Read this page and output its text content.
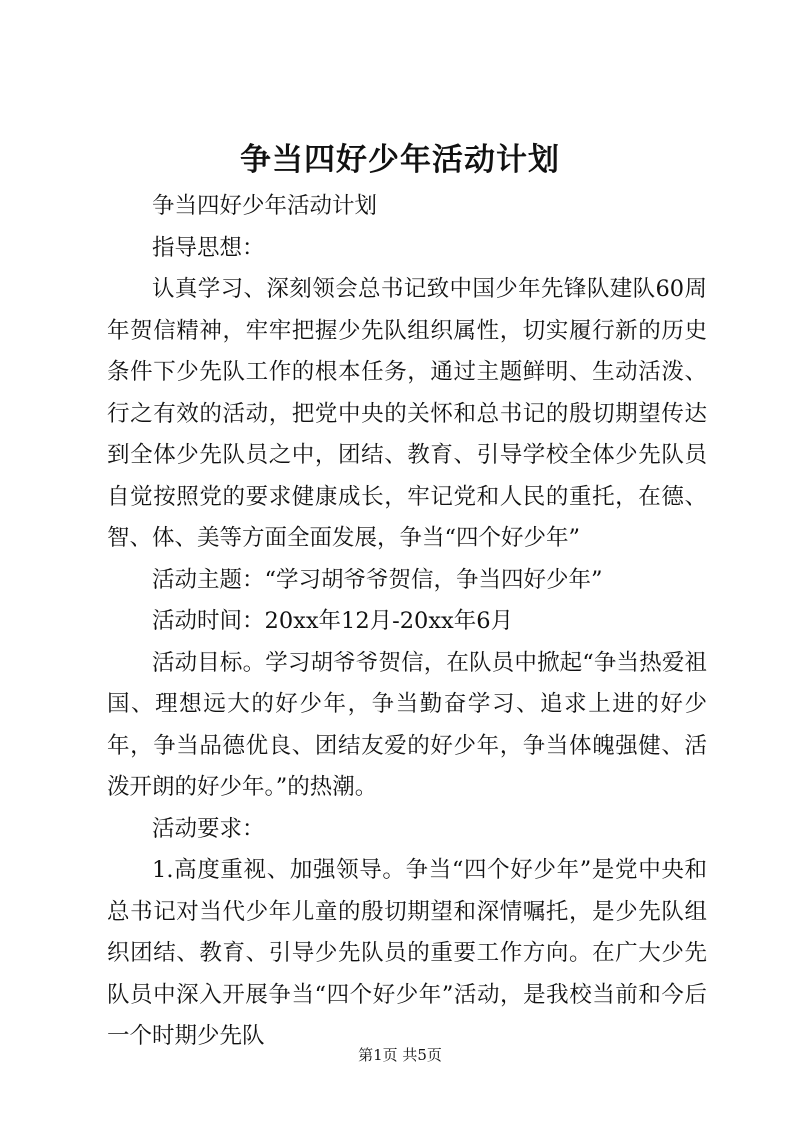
争当四好少年活动计划

争当四好少年活动计划

指导思想：

认真学习、深刻领会总书记致中国少年先锋队建队60周年贺信精神，牢牢把握少先队组织属性，切实履行新的历史条件下少先队工作的根本任务，通过主题鲜明、生动活泼、行之有效的活动，把党中央的关怀和总书记的殷切期望传达到全体少先队员之中，团结、教育、引导学校全体少先队员自觉按照党的要求健康成长，牢记党和人民的重托，在德、智、体、美等方面全面发展，争当“四个好少年”

活动主题：“学习胡爷爷贺信，争当四好少年”

活动时间：20xx年12月-20xx年6月

活动目标。学习胡爷爷贺信，在队员中掀起“争当热爱祖国、理想远大的好少年，争当勤奋学习、追求上进的好少年，争当品德优良、团结友爱的好少年，争当体魄强健、活泼开朗的好少年。”的热潮。

活动要求：

1.高度重视、加强领导。争当“四个好少年”是党中央和总书记对当代少年儿童的殷切期望和深情嘱托，是少先队组织团结、教育、引导少先队员的重要工作方向。在广大少先队员中深入开展争当“四个好少年”活动，是我校当前和今后一个时期少先队

第1页 共5页
